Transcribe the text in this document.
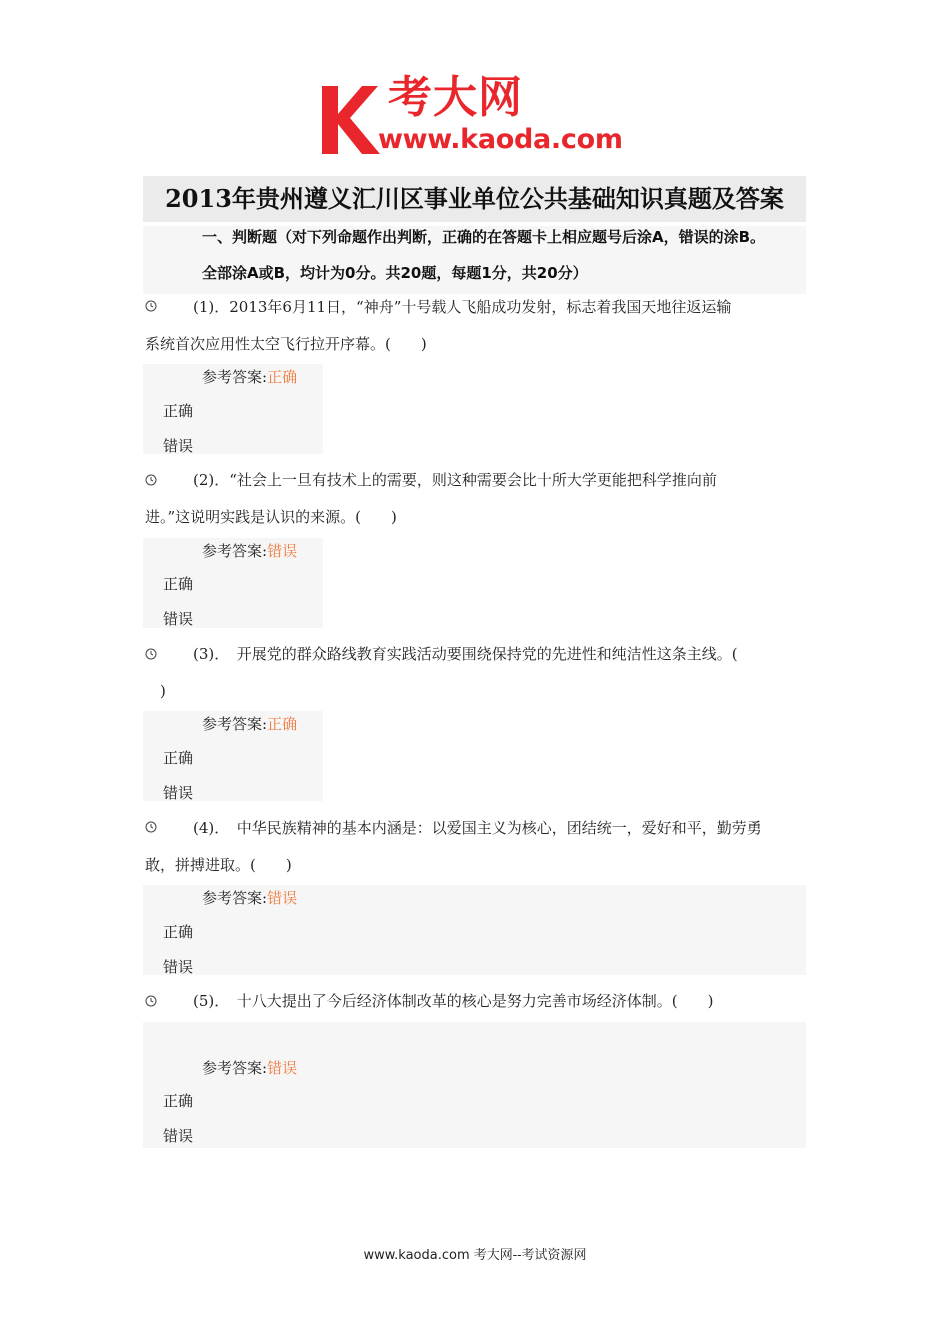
考大网
www.kaoda.com
2013年贵州遵义汇川区事业单位公共基础知识真题及答案
一、判断题（对下列命题作出判断，正确的在答题卡上相应题号后涂A，错误的涂B。
全部涂A或B，均计为0分。共20题，每题1分，共20分）
(1)．2013年6月11日，“神舟”十号载人飞船成功发射，标志着我国天地往返运输
系统首次应用性太空飞行拉开序幕。(　　)
参考答案:正确
正确
错误
(2)．“社会上一旦有技术上的需要，则这种需要会比十所大学更能把科学推向前
进。”这说明实践是认识的来源。(　　)
参考答案:错误
正确
错误
(3)．　开展党的群众路线教育实践活动要围绕保持党的先进性和纯洁性这条主线。(
)
参考答案:正确
正确
错误
(4)．　中华民族精神的基本内涵是：以爱国主义为核心，团结统一，爱好和平，勤劳勇
敢，拼搏进取。(　　)
参考答案:错误
正确
错误
(5)．　十八大提出了今后经济体制改革的核心是努力完善市场经济体制。(　　)
参考答案:错误
正确
错误
www.kaoda.com 考大网--考试资源网
